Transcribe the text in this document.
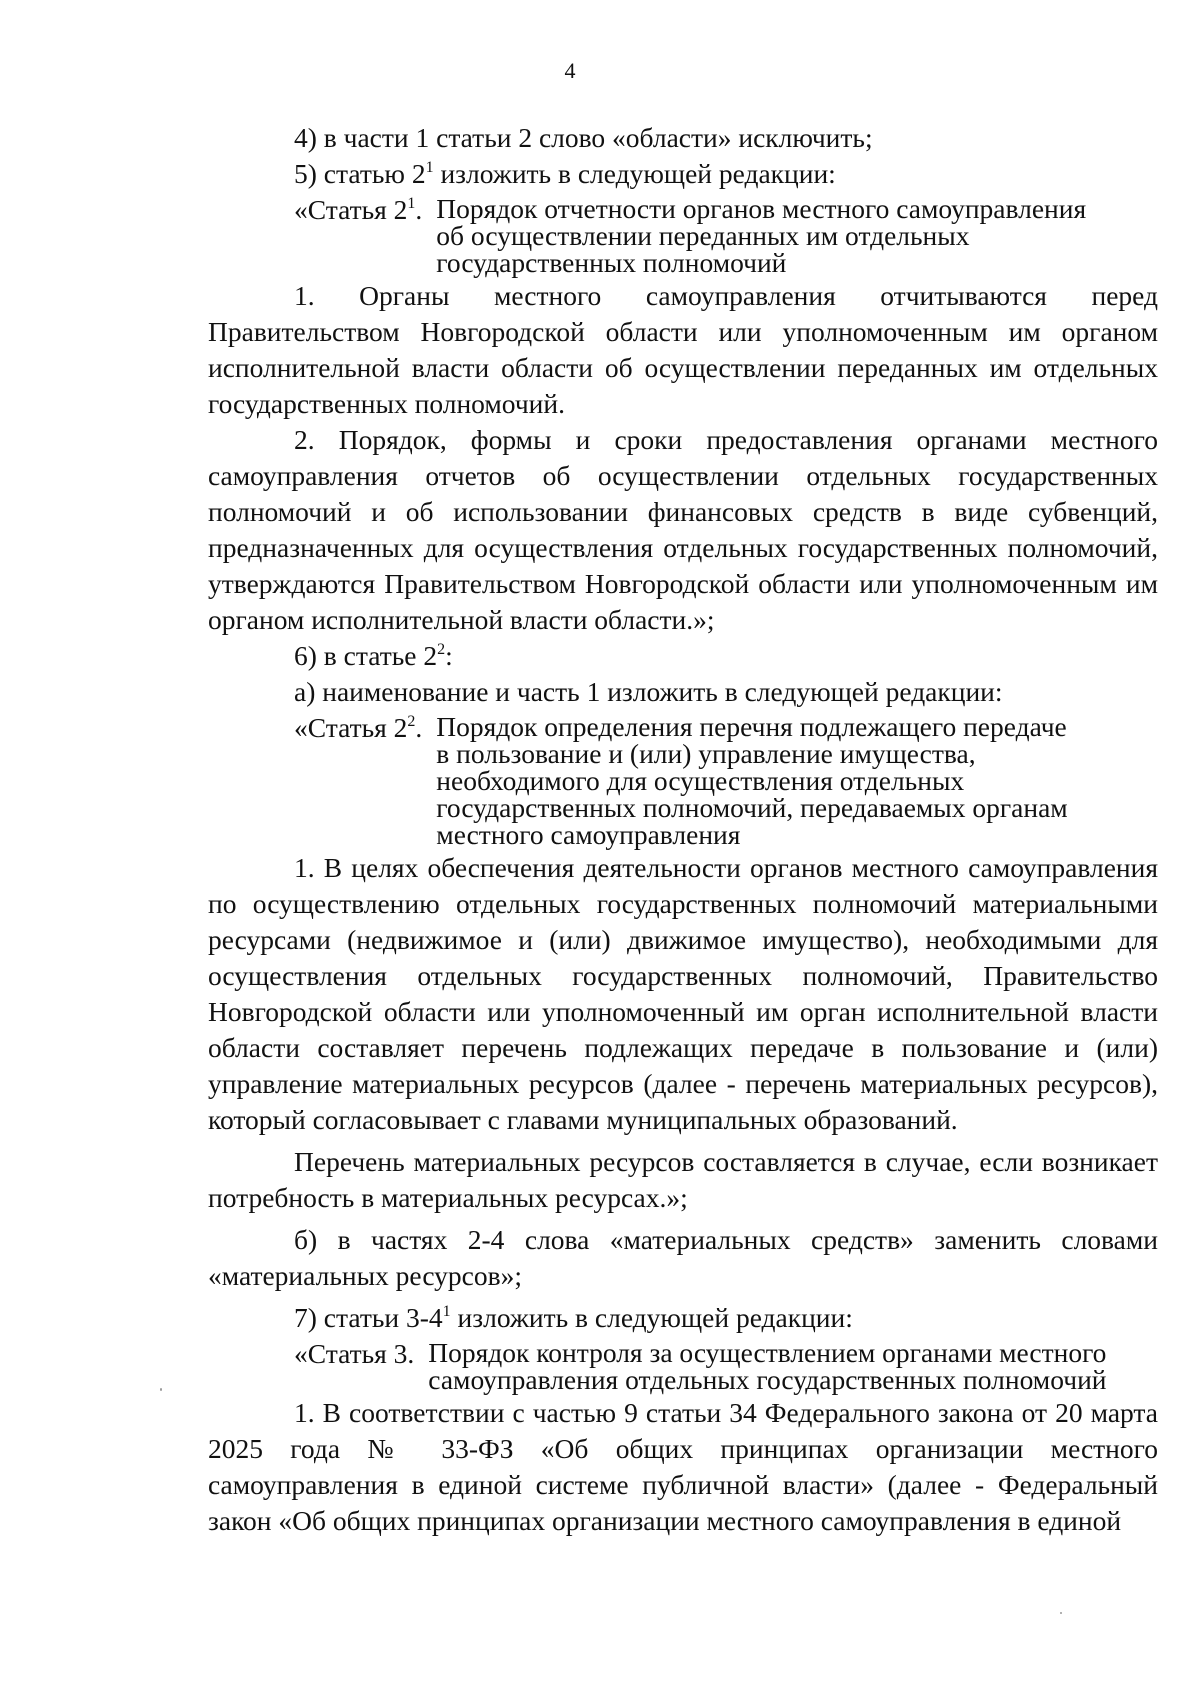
4

4) в части 1 статьи 2 слово «области» исключить;

5) статью $2^1$ изложить в следующей редакции:

«Статья $2^1$. Порядок отчетности органов местного самоуправления
об осуществлении переданных им отдельных
государственных полномочий

1. Органы местного самоуправления отчитываются перед Правительством Новгородской области или уполномоченным им органом исполнительной власти области об осуществлении переданных им отдельных государственных полномочий.

2. Порядок, формы и сроки предоставления органами местного самоуправления отчетов об осуществлении отдельных государственных полномочий и об использовании финансовых средств в виде субвенций, предназначенных для осуществления отдельных государственных полномочий, утверждаются Правительством Новгородской области или уполномоченным им органом исполнительной власти области.»;

6) в статье $2^2$:

а) наименование и часть 1 изложить в следующей редакции:

«Статья $2^2$. Порядок определения перечня подлежащего передаче
в пользование и (или) управление имущества,
необходимого для осуществления отдельных
государственных полномочий, передаваемых органам
местного самоуправления

1. В целях обеспечения деятельности органов местного самоуправления по осуществлению отдельных государственных полномочий материальными ресурсами (недвижимое и (или) движимое имущество), необходимыми для осуществления отдельных государственных полномочий, Правительство Новгородской области или уполномоченный им орган исполнительной власти области составляет перечень подлежащих передаче в пользование и (или) управление материальных ресурсов (далее - перечень материальных ресурсов), который согласовывает с главами муниципальных образований.

Перечень материальных ресурсов составляется в случае, если возникает потребность в материальных ресурсах.»;

б) в частях 2-4 слова «материальных средств» заменить словами «материальных ресурсов»;

7) статьи $3-4^1$ изложить в следующей редакции:

«Статья 3. Порядок контроля за осуществлением органами местного
самоуправления отдельных государственных полномочий

1. В соответствии с частью 9 статьи 34 Федерального закона от 20 марта 2025 года № 33-ФЗ «Об общих принципах организации местного самоуправления в единой системе публичной власти» (далее - Федеральный закон «Об общих принципах организации местного самоуправления в единой
